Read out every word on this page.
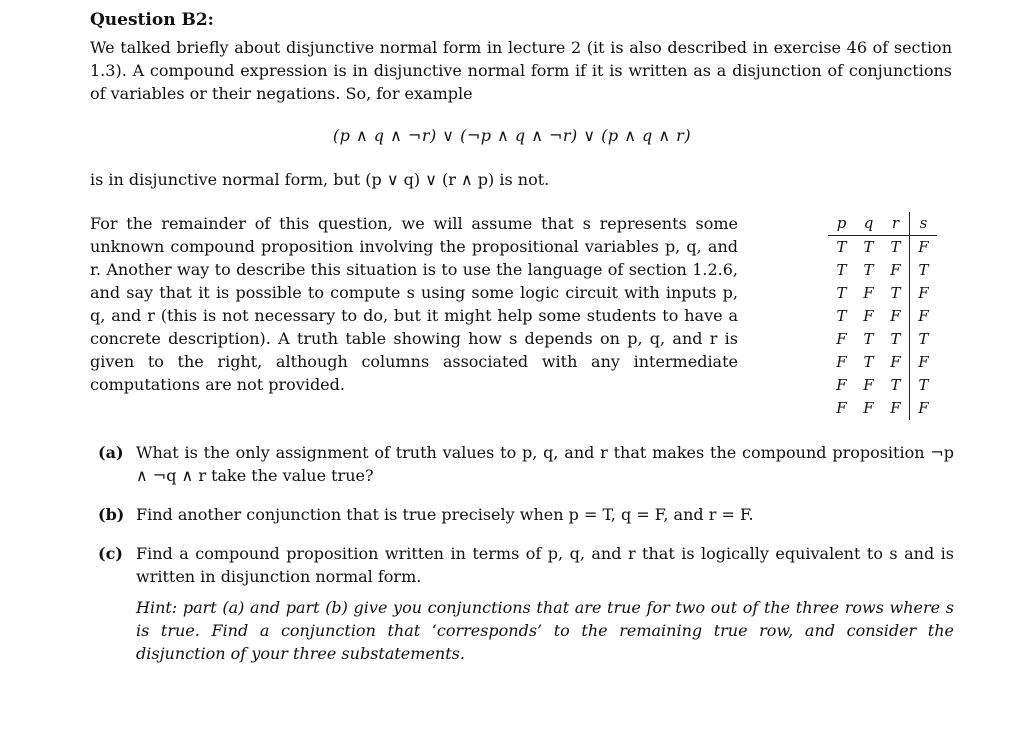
Question B2:
We talked briefly about disjunctive normal form in lecture 2 (it is also described in exercise 46 of section 1.3). A compound expression is in disjunctive normal form if it is written as a disjunction of conjunctions of variables or their negations. So, for example
(p ∧ q ∧ ¬r) ∨ (¬p ∧ q ∧ ¬r) ∨ (p ∧ q ∧ r)
is in disjunctive normal form, but (p ∨ q) ∨ (r ∧ p) is not.
For the remainder of this question, we will assume that s represents some unknown compound proposition involving the propositional variables p, q, and r. Another way to describe this situation is to use the language of section 1.2.6, and say that it is possible to compute s using some logic circuit with inputs p, q, and r (this is not necessary to do, but it might help some students to have a concrete description). A truth table showing how s depends on p, q, and r is given to the right, although columns associated with any intermediate computations are not provided.
p	q	r	s
T	T	T	F
T	T	F	T
T	F	T	F
T	F	F	F
F	T	T	T
F	T	F	F
F	F	T	T
F	F	F	F
(a) What is the only assignment of truth values to p, q, and r that makes the compound proposition ¬p ∧ ¬q ∧ r take the value true?
(b) Find another conjunction that is true precisely when p = T, q = F, and r = F.
(c) Find a compound proposition written in terms of p, q, and r that is logically equivalent to s and is written in disjunction normal form.
Hint: part (a) and part (b) give you conjunctions that are true for two out of the three rows where s is true. Find a conjunction that ‘corresponds’ to the remaining true row, and consider the disjunction of your three substatements.
